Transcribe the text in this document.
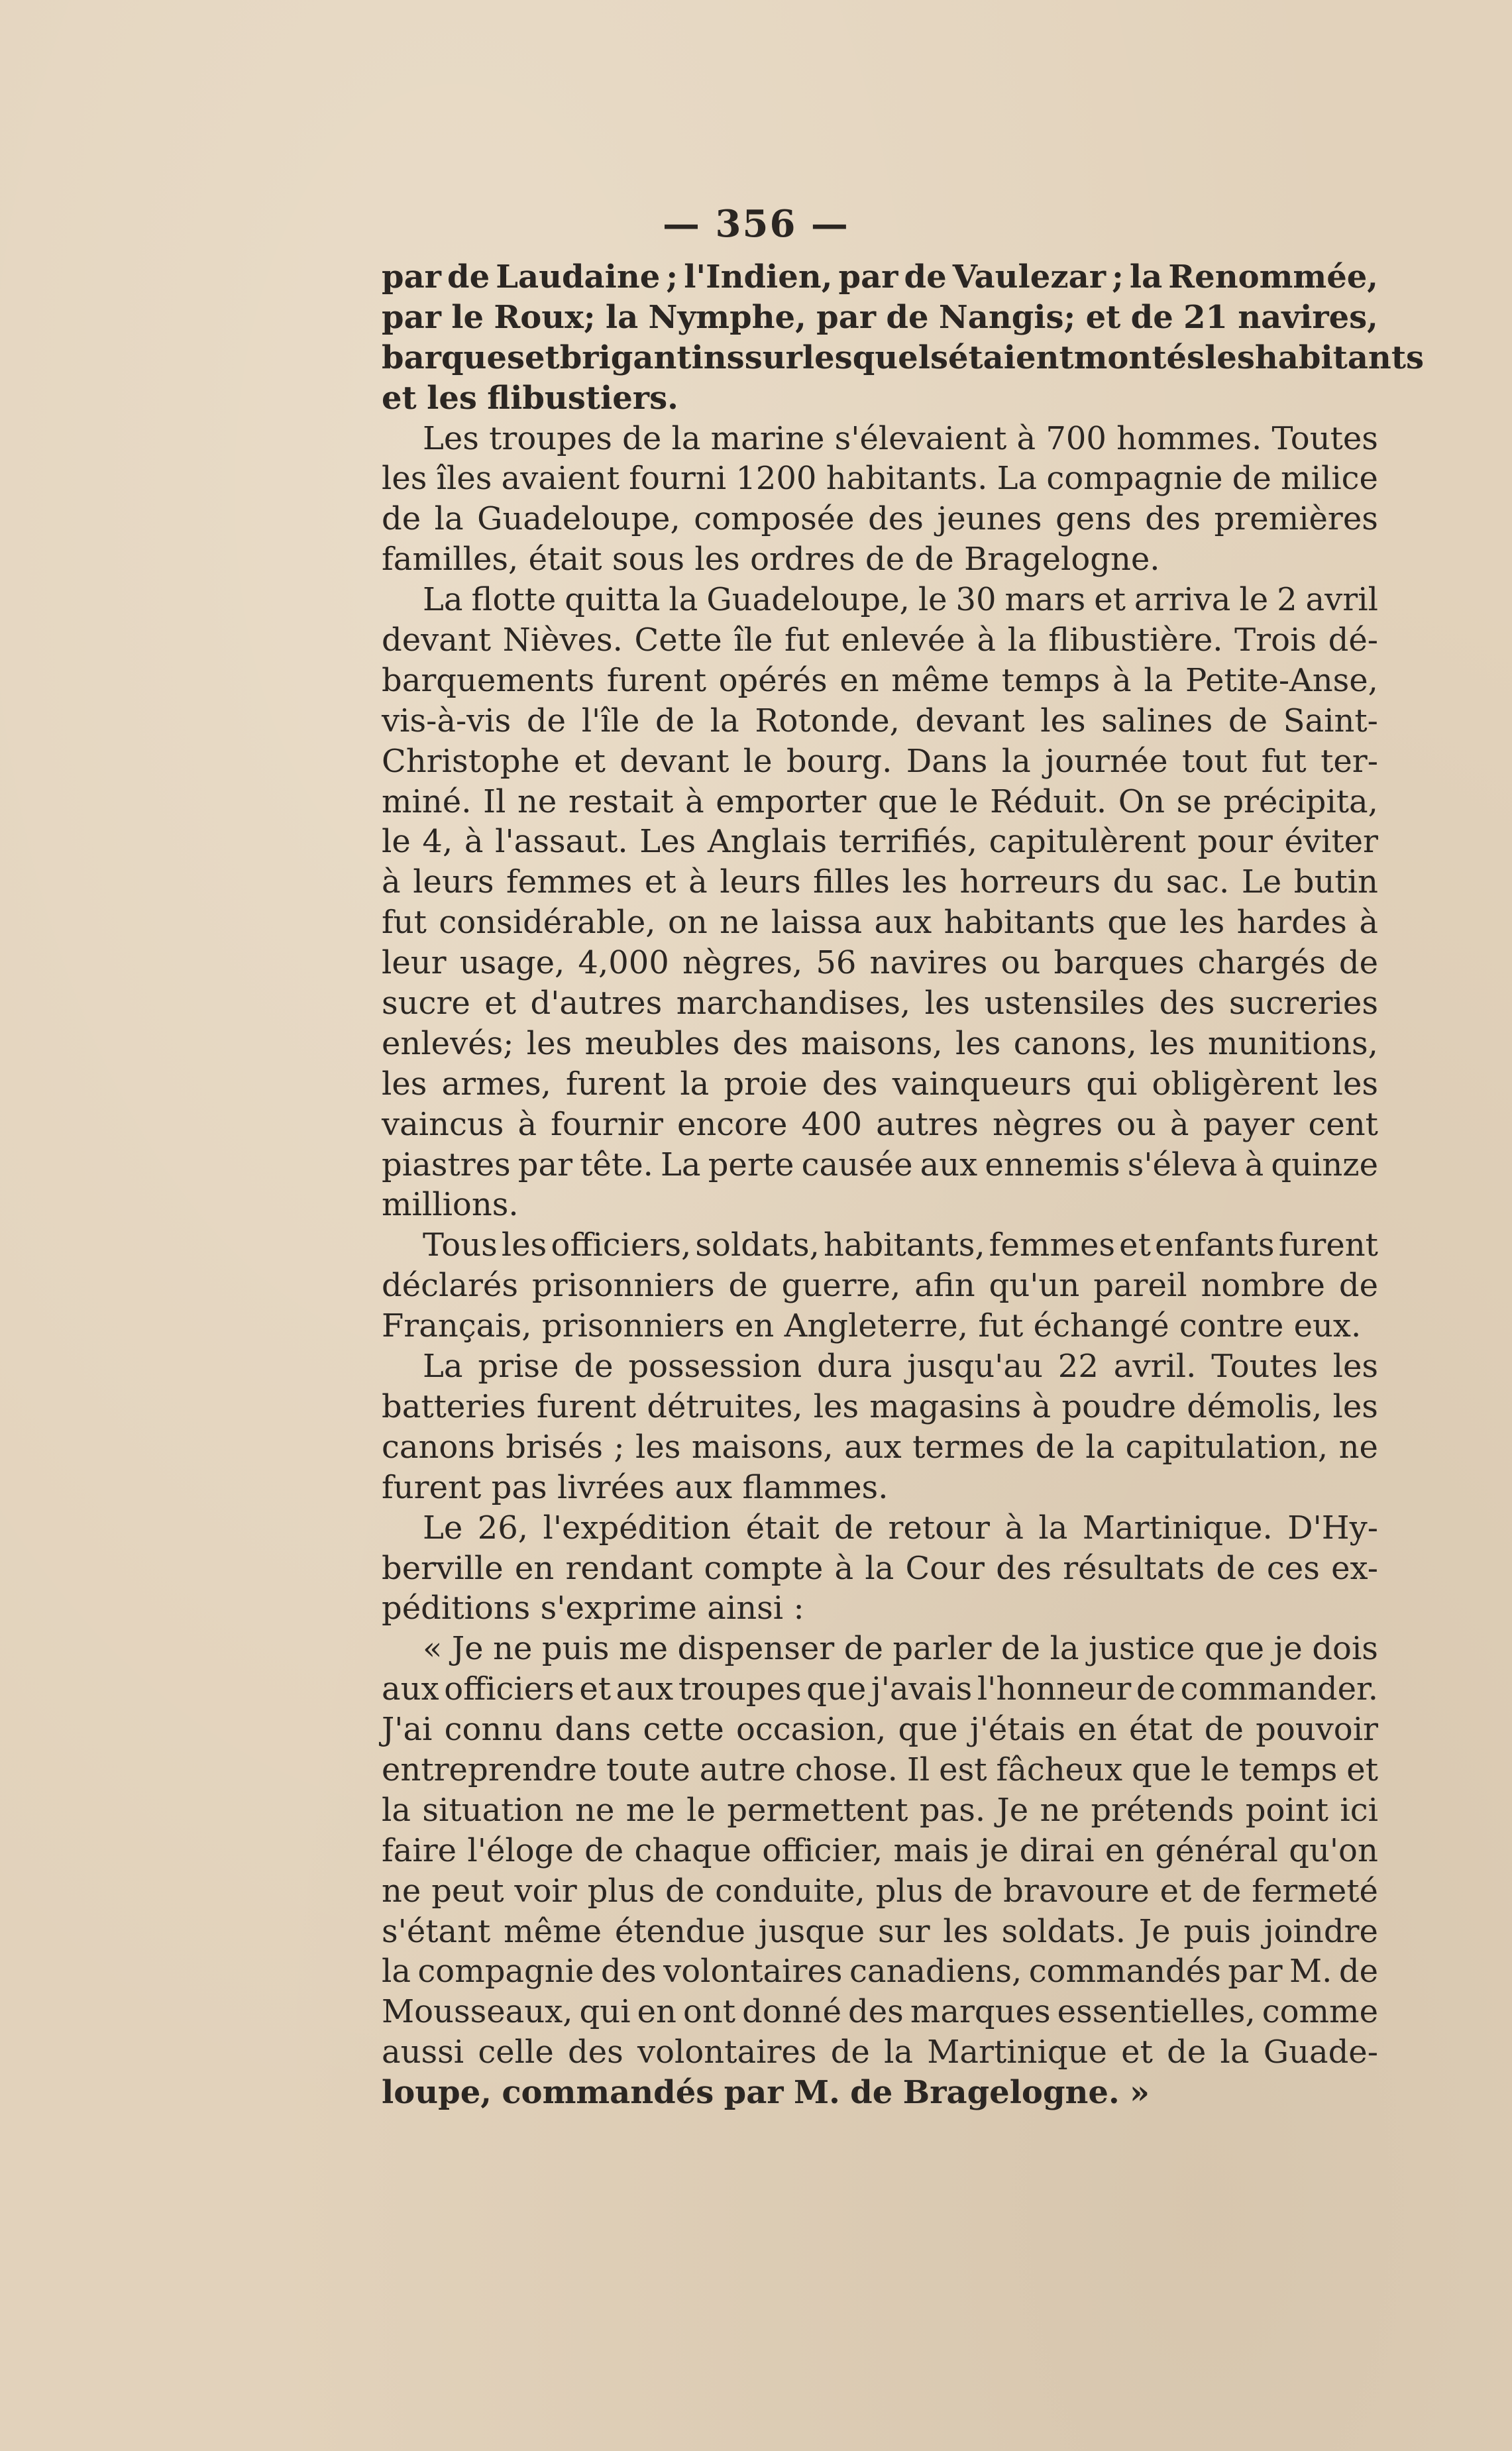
— 356 —
par de Laudaine ; l'Indien, par de Vaulezar ; la Renommée,
par le Roux; la Nymphe, par de Nangis; et de 21 navires,
barques et brigantins sur lesquels étaient montés les habitants
et les flibustiers.
Les troupes de la marine s'élevaient à 700 hommes. Toutes
les îles avaient fourni 1200 habitants. La compagnie de milice
de la Guadeloupe, composée des jeunes gens des premières
familles, était sous les ordres de de Bragelogne.
La flotte quitta la Guadeloupe, le 30 mars et arriva le 2 avril
devant Nièves. Cette île fut enlevée à la flibustière. Trois dé-
barquements furent opérés en même temps à la Petite-Anse,
vis-à-vis de l'île de la Rotonde, devant les salines de Saint-
Christophe et devant le bourg. Dans la journée tout fut ter-
miné. Il ne restait à emporter que le Réduit. On se précipita,
le 4, à l'assaut. Les Anglais terrifiés, capitulèrent pour éviter
à leurs femmes et à leurs filles les horreurs du sac. Le butin
fut considérable, on ne laissa aux habitants que les hardes à
leur usage, 4,000 nègres, 56 navires ou barques chargés de
sucre et d'autres marchandises, les ustensiles des sucreries
enlevés; les meubles des maisons, les canons, les munitions,
les armes, furent la proie des vainqueurs qui obligèrent les
vaincus à fournir encore 400 autres nègres ou à payer cent
piastres par tête. La perte causée aux ennemis s'éleva à quinze
millions.
Tous les officiers, soldats, habitants, femmes et enfants furent
déclarés prisonniers de guerre, afin qu'un pareil nombre de
Français, prisonniers en Angleterre, fut échangé contre eux.
La prise de possession dura jusqu'au 22 avril. Toutes les
batteries furent détruites, les magasins à poudre démolis, les
canons brisés ; les maisons, aux termes de la capitulation, ne
furent pas livrées aux flammes.
Le 26, l'expédition était de retour à la Martinique. D'Hy-
berville en rendant compte à la Cour des résultats de ces ex-
péditions s'exprime ainsi :
« Je ne puis me dispenser de parler de la justice que je dois
aux officiers et aux troupes que j'avais l'honneur de commander.
J'ai connu dans cette occasion, que j'étais en état de pouvoir
entreprendre toute autre chose. Il est fâcheux que le temps et
la situation ne me le permettent pas. Je ne prétends point ici
faire l'éloge de chaque officier, mais je dirai en général qu'on
ne peut voir plus de conduite, plus de bravoure et de fermeté
s'étant même étendue jusque sur les soldats. Je puis joindre
la compagnie des volontaires canadiens, commandés par M. de
Mousseaux, qui en ont donné des marques essentielles, comme
aussi celle des volontaires de la Martinique et de la Guade-
loupe, commandés par M. de Bragelogne. »
